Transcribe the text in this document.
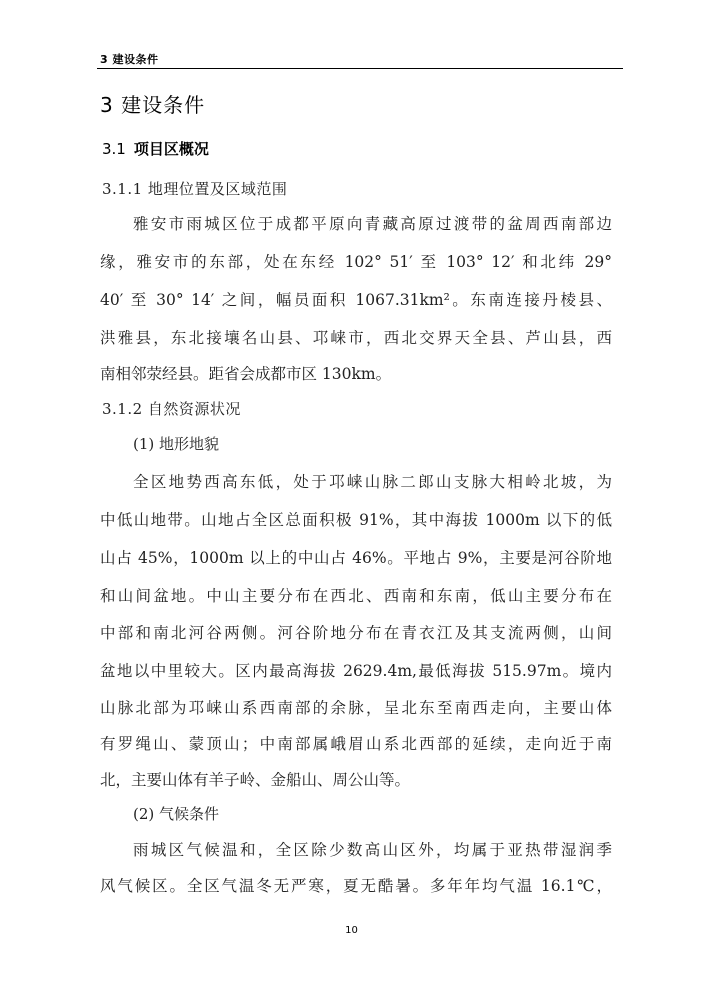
3 建设条件
3 建设条件
3.1 项目区概况
3.1.1 地理位置及区域范围
雅安市雨城区位于成都平原向青藏高原过渡带的盆周西南部边
缘，雅安市的东部，处在东经 102° 51′ 至 103° 12′ 和北纬 29°
40′ 至 30° 14′ 之间，幅员面积 1067.31km²。东南连接丹棱县、
洪雅县，东北接壤名山县、邛崃市，西北交界天全县、芦山县，西
南相邻荥经县。距省会成都市区 130km。
3.1.2 自然资源状况
(1) 地形地貌
全区地势西高东低，处于邛崃山脉二郎山支脉大相岭北坡，为
中低山地带。山地占全区总面积极 91%，其中海拔 1000m 以下的低
山占 45%，1000m 以上的中山占 46%。平地占 9%，主要是河谷阶地
和山间盆地。中山主要分布在西北、西南和东南，低山主要分布在
中部和南北河谷两侧。河谷阶地分布在青衣江及其支流两侧，山间
盆地以中里较大。区内最高海拔 2629.4m,最低海拔 515.97m。境内
山脉北部为邛崃山系西南部的余脉，呈北东至南西走向，主要山体
有罗绳山、蒙顶山；中南部属峨眉山系北西部的延续，走向近于南
北，主要山体有羊子岭、金船山、周公山等。
(2) 气候条件
雨城区气候温和，全区除少数高山区外，均属于亚热带湿润季
风气候区。全区气温冬无严寒，夏无酷暑。多年年均气温 16.1℃，
10
